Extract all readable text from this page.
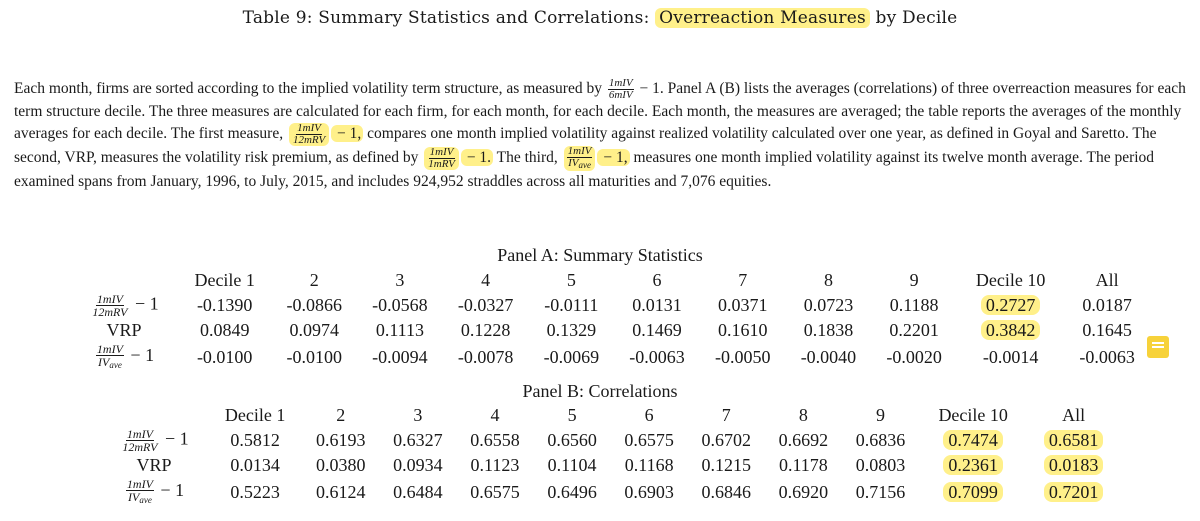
Table 9: Summary Statistics and Correlations: Overreaction Measures by Decile
Each month, firms are sorted according to the implied volatility term structure, as measured by $\frac{\text{1mIV}}{\text{6mIV}} - 1$. Panel A (B) lists the averages (correlations) of three overreaction measures for each term structure decile. The three measures are calculated for each firm, for each month, for each decile. Each month, the measures are averaged; the table reports the averages of the monthly averages for each decile. The first measure, $\frac{\text{1mIV}}{\text{12mRV}} - 1$, compares one month implied volatility against realized volatility calculated over one year, as defined in Goyal and Saretto. The second, VRP, measures the volatility risk premium, as defined by $\frac{\text{1mIV}}{\text{1mRV}} - 1$. The third, $\frac{\text{1mIV}}{IV_{ave}} - 1$, measures one month implied volatility against its twelve month average. The period examined spans from January, 1996, to July, 2015, and includes 924,952 straddles across all maturities and 7,076 equities.
Panel A: Summary Statistics
	Decile 1	2	3	4	5	6	7	8	9	Decile 10	All

$\frac{\text{1mIV}}{\text{12mRV}} - 1$	-0.1390	-0.0866	-0.0568	-0.0327	-0.0111	0.0131	0.0371	0.0723	0.1188	0.2727	0.0187
VRP	0.0849	0.0974	0.1113	0.1228	0.1329	0.1469	0.1610	0.1838	0.2201	0.3842	0.1645

$\frac{\text{1mIV}}{IV_{ave}} - 1$	-0.0100	-0.0100	-0.0094	-0.0078	-0.0069	-0.0063	-0.0050	-0.0040	-0.0020	-0.0014	-0.0063
Panel B: Correlations
	Decile 1	2	3	4	5	6	7	8	9	Decile 10	All

$\frac{\text{1mIV}}{\text{12mRV}} - 1$	0.5812	0.6193	0.6327	0.6558	0.6560	0.6575	0.6702	0.6692	0.6836	0.7474	0.6581
VRP	0.0134	0.0380	0.0934	0.1123	0.1104	0.1168	0.1215	0.1178	0.0803	0.2361	0.0183

$\frac{\text{1mIV}}{IV_{ave}} - 1$	0.5223	0.6124	0.6484	0.6575	0.6496	0.6903	0.6846	0.6920	0.7156	0.7099	0.7201
